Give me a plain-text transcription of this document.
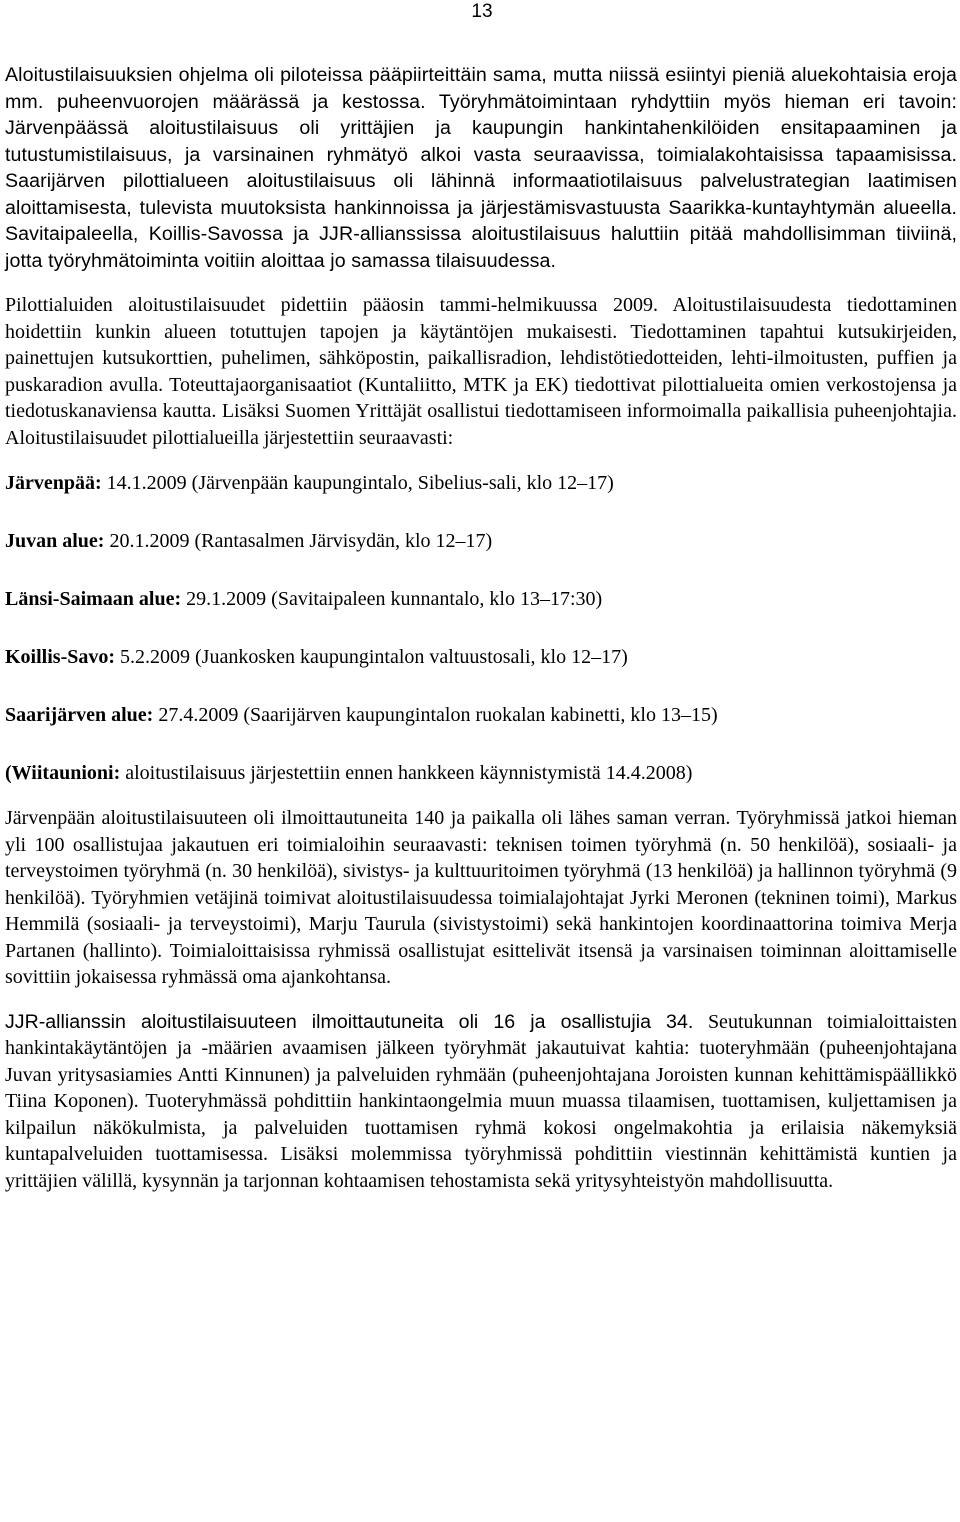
13

Aloitustilaisuuksien ohjelma oli piloteissa pääpiirteittäin sama, mutta niissä esiintyi pieniä aluekohtaisia eroja mm. puheenvuorojen määrässä ja kestossa. Työryhmätoimintaan ryhdyttiin myös hieman eri tavoin: Järvenpäässä aloitustilaisuus oli yrittäjien ja kaupungin hankintahenkilöiden ensitapaaminen ja tutustumistilaisuus, ja varsinainen ryhmätyö alkoi vasta seuraavissa, toimialakohtaisissa tapaamisissa. Saarijärven pilottialueen aloitustilaisuus oli lähinnä informaatiotilaisuus palvelustrategian laatimisen aloittamisesta, tulevista muutoksista hankinnoissa ja järjestämisvastuusta Saarikka-kuntayhtymän alueella. Savitaipaleella, Koillis-Savossa ja JJR-allianssissa aloitustilaisuus haluttiin pitää mahdollisimman tiiviinä, jotta työryhmätoiminta voitiin aloittaa jo samassa tilaisuudessa.

Pilottialuiden aloitustilaisuudet pidettiin pääosin tammi-helmikuussa 2009. Aloitustilaisuudesta tiedottaminen hoidettiin kunkin alueen totuttujen tapojen ja käytäntöjen mukaisesti. Tiedottaminen tapahtui kutsukirjeiden, painettujen kutsukorttien, puhelimen, sähköpostin, paikallisradion, lehdistötiedotteiden, lehti-ilmoitusten, puffien ja puskaradion avulla. Toteuttajaorganisaatiot (Kuntaliitto, MTK ja EK) tiedottivat pilottialueita omien verkostojensa ja tiedotuskanaviensa kautta. Lisäksi Suomen Yrittäjät osallistui tiedottamiseen informoimalla paikallisia puheenjohtajia. Aloitustilaisuudet pilottialueilla järjestettiin seuraavasti:

Järvenpää: 14.1.2009 (Järvenpään kaupungintalo, Sibelius-sali, klo 12–17)

Juvan alue: 20.1.2009 (Rantasalmen Järvisydän, klo 12–17)

Länsi-Saimaan alue: 29.1.2009 (Savitaipaleen kunnantalo, klo 13–17:30)

Koillis-Savo: 5.2.2009 (Juankosken kaupungintalon valtuustosali, klo 12–17)

Saarijärven alue: 27.4.2009 (Saarijärven kaupungintalon ruokalan kabinetti, klo 13–15)

(Wiitaunioni: aloitustilaisuus järjestettiin ennen hankkeen käynnistymistä 14.4.2008)

Järvenpään aloitustilaisuuteen oli ilmoittautuneita 140 ja paikalla oli lähes saman verran. Työryhmissä jatkoi hieman yli 100 osallistujaa jakautuen eri toimialoihin seuraavasti: teknisen toimen työryhmä (n. 50 henkilöä), sosiaali- ja terveystoimen työryhmä (n. 30 henkilöä), sivistys- ja kulttuuritoimen työryhmä (13 henkilöä) ja hallinnon työryhmä (9 henkilöä). Työryhmien vetäjinä toimivat aloitustilaisuudessa toimialajohtajat Jyrki Meronen (tekninen toimi), Markus Hemmilä (sosiaali- ja terveystoimi), Marju Taurula (sivistystoimi) sekä hankintojen koordinaattorina toimiva Merja Partanen (hallinto). Toimialoittaisissa ryhmissä osallistujat esittelivät itsensä ja varsinaisen toiminnan aloittamiselle sovittiin jokaisessa ryhmässä oma ajankohtansa.

JJR-allianssin aloitustilaisuuteen ilmoittautuneita oli 16 ja osallistujia 34. Seutukunnan toimialoittaisten hankintakäytäntöjen ja -määrien avaamisen jälkeen työryhmät jakautuivat kahtia: tuoteryhmään (puheenjohtajana Juvan yritysasiamies Antti Kinnunen) ja palveluiden ryhmään (puheenjohtajana Joroisten kunnan kehittämispäällikkö Tiina Koponen). Tuoteryhmässä pohdittiin hankintaongelmia muun muassa tilaamisen, tuottamisen, kuljettamisen ja kilpailun näkökulmista, ja palveluiden tuottamisen ryhmä kokosi ongelmakohtia ja erilaisia näkemyksiä kuntapalveluiden tuottamisessa. Lisäksi molemmissa työryhmissä pohdittiin viestinnän kehittämistä kuntien ja yrittäjien välillä, kysynnän ja tarjonnan kohtaamisen tehostamista sekä yritysyhteistyön mahdollisuutta.
